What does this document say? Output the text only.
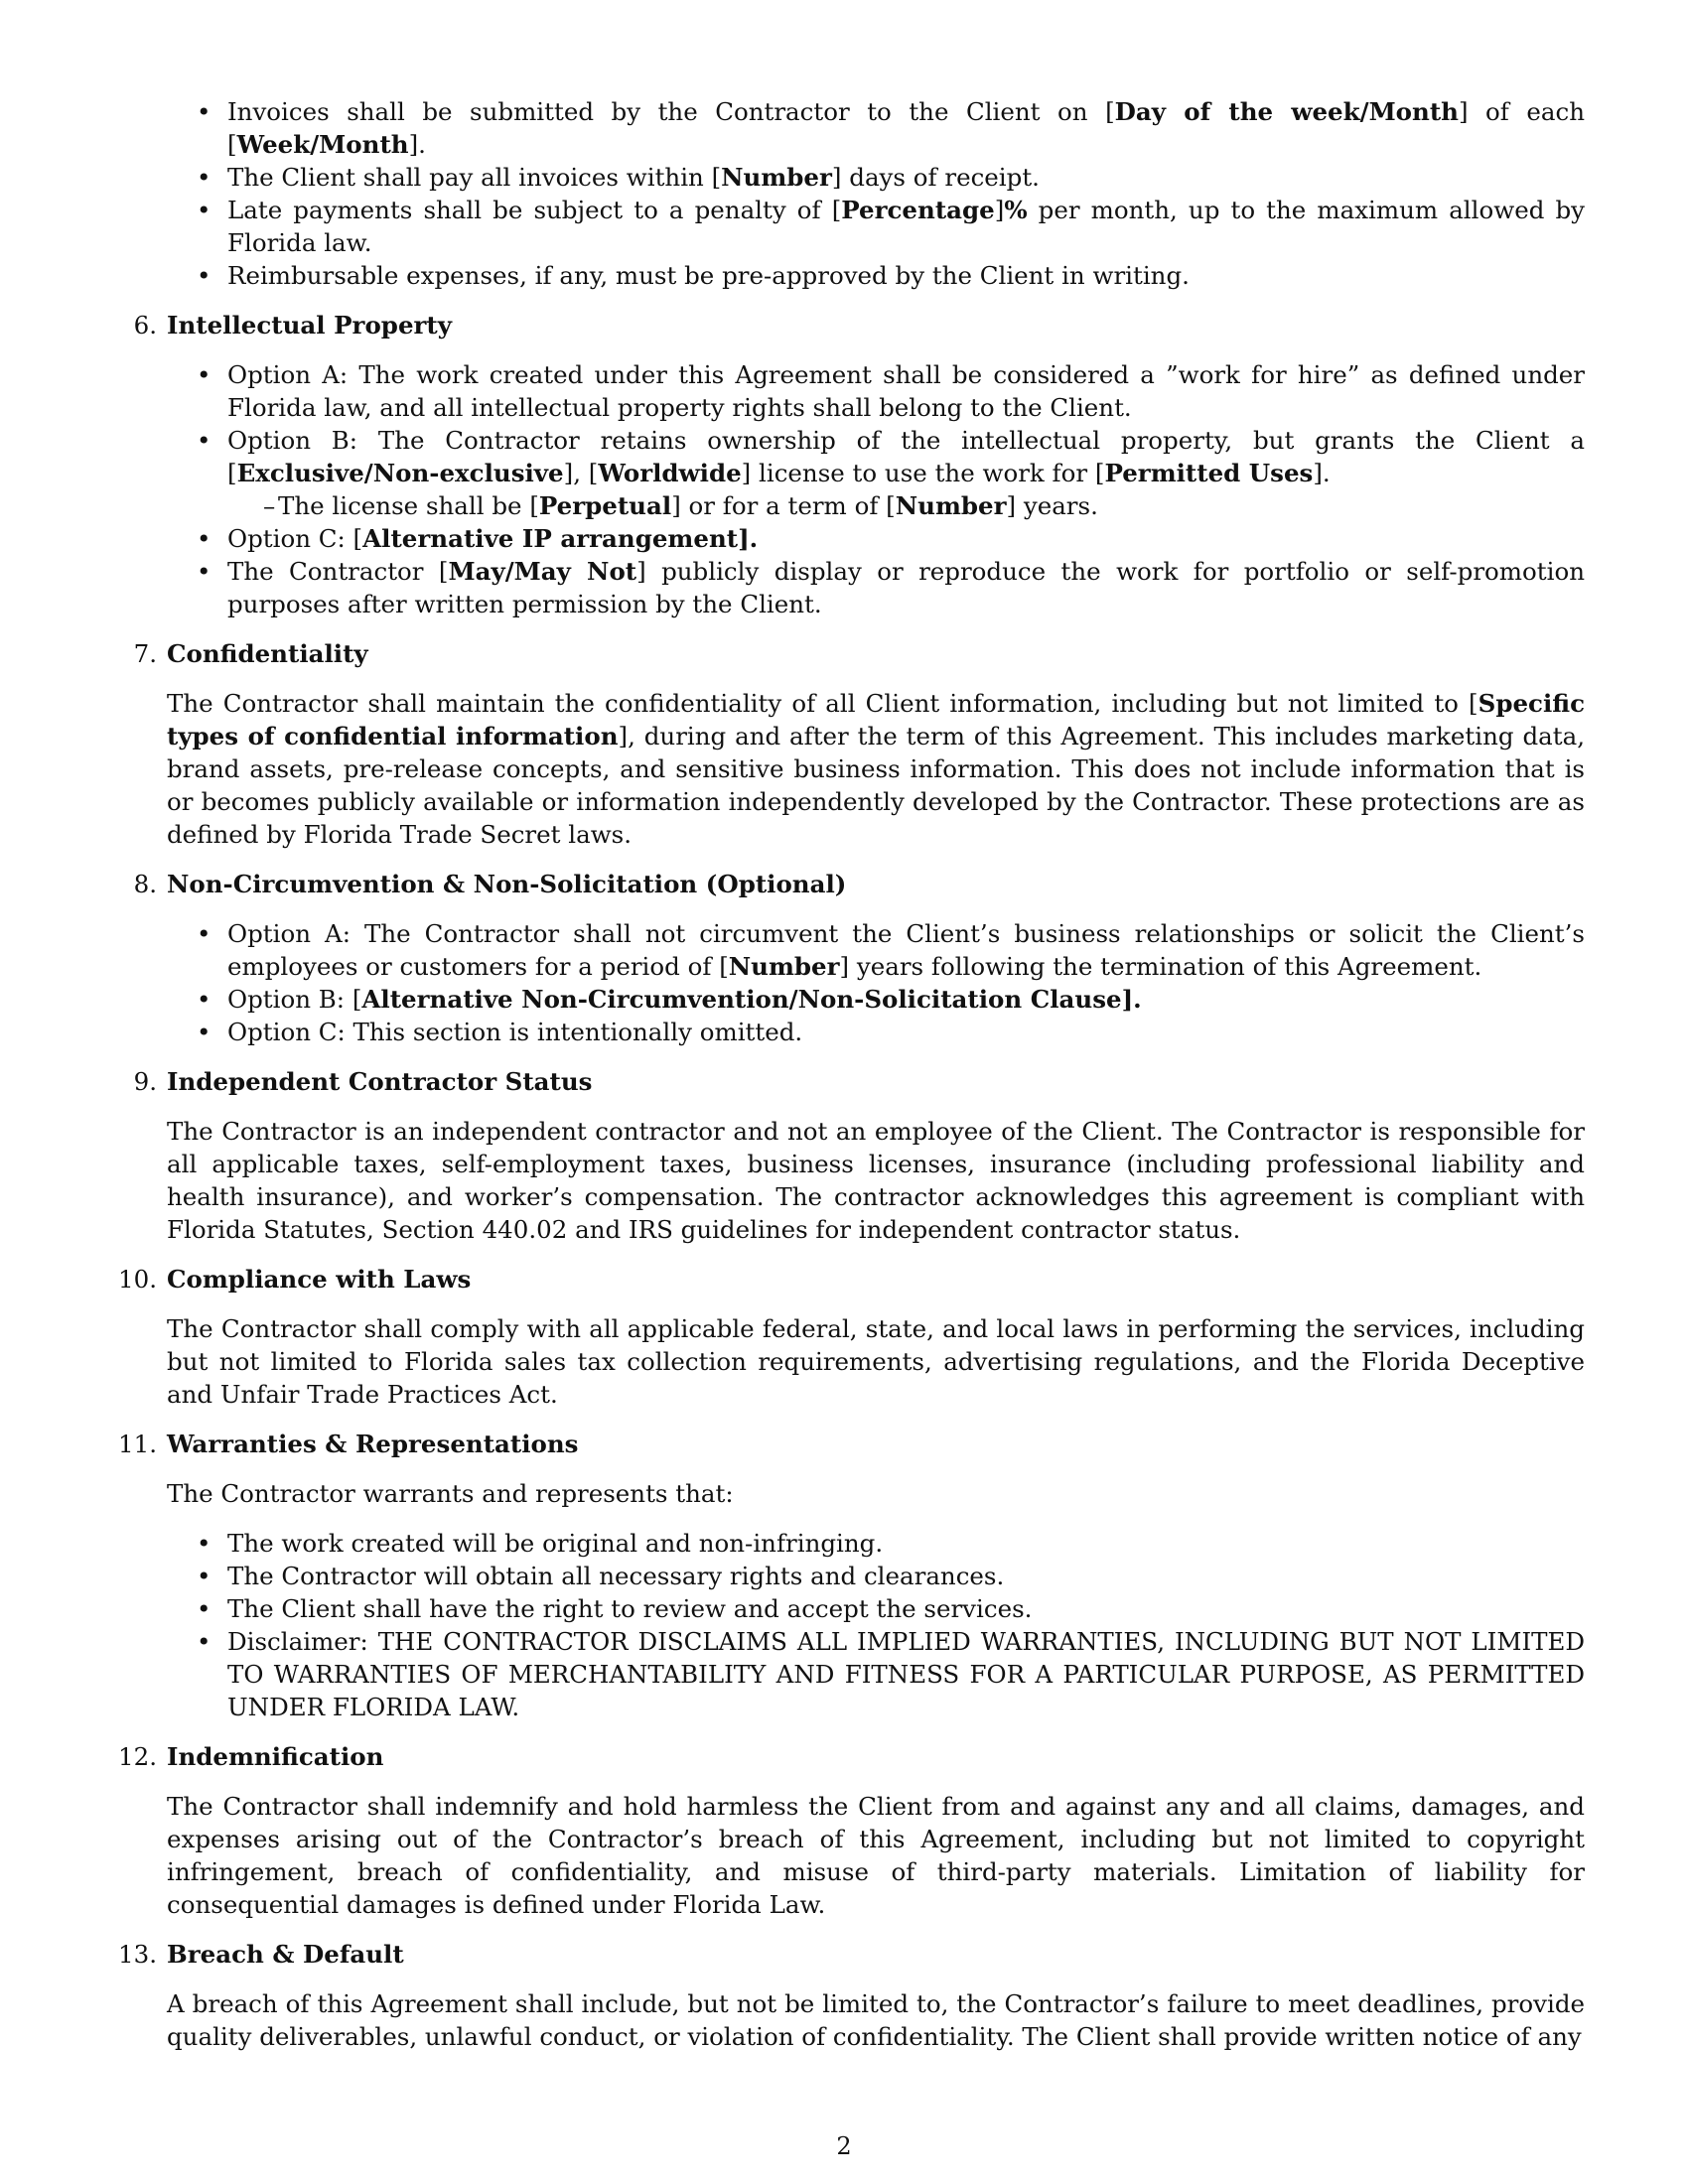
• Invoices shall be submitted by the Contractor to the Client on [Day of the week/Month] of each [Week/Month].
• The Client shall pay all invoices within [Number] days of receipt.
• Late payments shall be subject to a penalty of [Percentage]% per month, up to the maximum allowed by Florida law.
• Reimbursable expenses, if any, must be pre-approved by the Client in writing.
6. Intellectual Property
• Option A: The work created under this Agreement shall be considered a ”work for hire” as defined under Florida law, and all intellectual property rights shall belong to the Client.
• Option B: The Contractor retains ownership of the intellectual property, but grants the Client a [Exclusive/Non-exclusive], [Worldwide] license to use the work for [Permitted Uses].
– The license shall be [Perpetual] or for a term of [Number] years.
• Option C: [Alternative IP arrangement].
• The Contractor [May/May Not] publicly display or reproduce the work for portfolio or self-promotion purposes after written permission by the Client.
7. Confidentiality

The Contractor shall maintain the confidentiality of all Client information, including but not limited to [Specific types of confidential information], during and after the term of this Agreement. This includes marketing data, brand assets, pre-release concepts, and sensitive business information. This does not include information that is or becomes publicly available or information independently developed by the Contractor. These protections are as defined by Florida Trade Secret laws.

8. Non-Circumvention & Non-Solicitation (Optional)
• Option A: The Contractor shall not circumvent the Client’s business relationships or solicit the Client’s employees or customers for a period of [Number] years following the termination of this Agreement.
• Option B: [Alternative Non-Circumvention/Non-Solicitation Clause].
• Option C: This section is intentionally omitted.
9. Independent Contractor Status

The Contractor is an independent contractor and not an employee of the Client. The Contractor is responsible for all applicable taxes, self-employment taxes, business licenses, insurance (including professional liability and health insurance), and worker’s compensation. The contractor acknowledges this agreement is compliant with Florida Statutes, Section 440.02 and IRS guidelines for independent contractor status.

10. Compliance with Laws

The Contractor shall comply with all applicable federal, state, and local laws in performing the services, including but not limited to Florida sales tax collection requirements, advertising regulations, and the Florida Deceptive and Unfair Trade Practices Act.

11. Warranties & Representations

The Contractor warrants and represents that:

• The work created will be original and non-infringing.
• The Contractor will obtain all necessary rights and clearances.
• The Client shall have the right to review and accept the services.
• Disclaimer: THE CONTRACTOR DISCLAIMS ALL IMPLIED WARRANTIES, INCLUDING BUT NOT LIMITED TO WARRANTIES OF MERCHANTABILITY AND FITNESS FOR A PARTICULAR PURPOSE, AS PERMITTED UNDER FLORIDA LAW.
12. Indemnification

The Contractor shall indemnify and hold harmless the Client from and against any and all claims, damages, and expenses arising out of the Contractor’s breach of this Agreement, including but not limited to copyright infringement, breach of confidentiality, and misuse of third-party materials. Limitation of liability for consequential damages is defined under Florida Law.

13. Breach & Default

A breach of this Agreement shall include, but not be limited to, the Contractor’s failure to meet deadlines, provide quality deliverables, unlawful conduct, or violation of confidentiality. The Client shall provide written notice of any

2
